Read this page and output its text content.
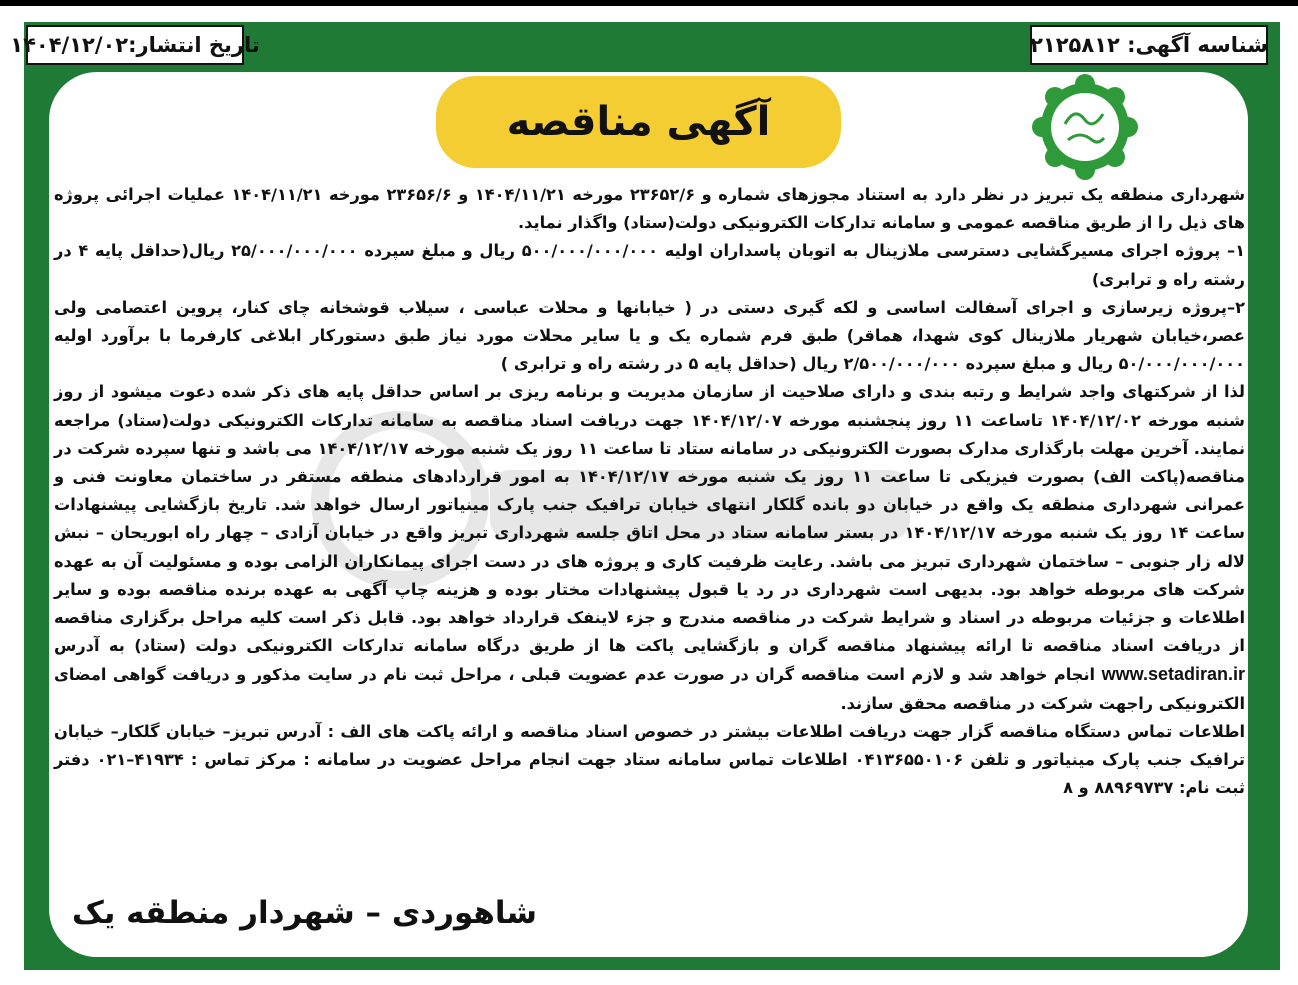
شناسه آگهی: ۲۱۲۵۸۱۲
تاریخ انتشار:۱۴۰۴/۱۲/۰۲
آگهی مناقصه

شهرداری منطقه یک تبریز در نظر دارد به استناد مجوزهای شماره و ۲۳۶۵۲/۶ مورخه ۱۴۰۴/۱۱/۲۱ و ۲۳۶۵۶/۶ مورخه ۱۴۰۴/۱۱/۲۱ عملیات اجرائی پروژه های ذیل را از طریق مناقصه عمومی و سامانه تدارکات الکترونیکی دولت(ستاد) واگذار نماید.

۱– پروژه اجرای مسیرگشایی دسترسی ملازینال به اتوبان پاسداران اولیه ۵۰۰/۰۰۰/۰۰۰/۰۰۰ ریال و مبلغ سپرده ۲۵/۰۰۰/۰۰۰/۰۰۰ ریال(حداقل پایه ۴ در رشته راه و ترابری)

۲–پروژه زیرسازی و اجرای آسفالت اساسی و لکه گیری دستی در ( خیابانها و محلات عباسی ، سیلاب قوشخانه چای کنار، پروین اعتصامی ولی عصر،خیابان شهریار ملازینال کوی شهدا، هماقر) طبق فرم شماره یک و یا سایر محلات مورد نیاز طبق دستورکار ابلاغی کارفرما با برآورد اولیه ۵۰/۰۰۰/۰۰۰/۰۰۰ ریال و مبلغ سپرده ۲/۵۰۰/۰۰۰/۰۰۰ ریال (حداقل پایه ۵ در رشته راه و ترابری )

لذا از شرکتهای واجد شرایط و رتبه بندی و دارای صلاحیت از سازمان مدیریت و برنامه ریزی بر اساس حداقل پایه های ذکر شده دعوت میشود از روز شنبه مورخه ۱۴۰۴/۱۲/۰۲ تاساعت ۱۱ روز پنجشنبه مورخه ۱۴۰۴/۱۲/۰۷ جهت دریافت اسناد مناقصه به سامانه تدارکات الکترونیکی دولت(ستاد) مراجعه نمایند. آخرین مهلت بارگذاری مدارک بصورت الکترونیکی در سامانه ستاد تا ساعت ۱۱ روز یک شنبه مورخه ۱۴۰۴/۱۲/۱۷ می باشد و تنها سپرده شرکت در مناقصه(پاکت الف) بصورت فیزیکی تا ساعت ۱۱ روز یک شنبه مورخه ۱۴۰۴/۱۲/۱۷ به امور قراردادهای منطقه مستقر در ساختمان معاونت فنی و عمرانی شهرداری منطقه یک واقع در خیابان دو بانده گلکار انتهای خیابان ترافیک جنب پارک مینیاتور ارسال خواهد شد. تاریخ بازگشایی پیشنهادات ساعت ۱۴ روز یک شنبه مورخه ۱۴۰۴/۱۲/۱۷ در بستر سامانه ستاد در محل اتاق جلسه شهرداری تبریز واقع در خیابان آزادی – چهار راه ابوریحان – نبش لاله زار جنوبی – ساختمان شهرداری تبریز می باشد. رعایت ظرفیت کاری و پروژه های در دست اجرای پیمانکاران الزامی بوده و مسئولیت آن به عهده شرکت های مربوطه خواهد بود. بدیهی است شهرداری در رد یا قبول پیشنهادات مختار بوده و هزینه چاپ آگهی به عهده برنده مناقصه بوده و سایر اطلاعات و جزئیات مربوطه در اسناد و شرایط شرکت در مناقصه مندرج و جزء لاینفک قرارداد خواهد بود. قابل ذکر است کلیه مراحل برگزاری مناقصه از دریافت اسناد مناقصه تا ارائه پیشنهاد مناقصه گران و بازگشایی پاکت ها از طریق درگاه سامانه تدارکات الکترونیکی دولت (ستاد) به آدرس www.setadiran.ir انجام خواهد شد و لازم است مناقصه گران در صورت عدم عضویت قبلی ، مراحل ثبت نام در سایت مذکور و دریافت گواهی امضای الکترونیکی راجهت شرکت در مناقصه محقق سازند.

اطلاعات تماس دستگاه مناقصه گزار جهت دریافت اطلاعات بیشتر در خصوص اسناد مناقصه و ارائه پاکت های الف : آدرس تبریز– خیابان گلکار– خیابان ترافیک جنب پارک مینیاتور و تلفن ۰۴۱۳۶۵۵۰۱۰۶ اطلاعات تماس سامانه ستاد جهت انجام مراحل عضویت در سامانه : مرکز تماس : ۴۱۹۳۴–۰۲۱ دفتر ثبت نام: ۸۸۹۶۹۷۳۷ و ۸

شاهوردی – شهردار منطقه یک
